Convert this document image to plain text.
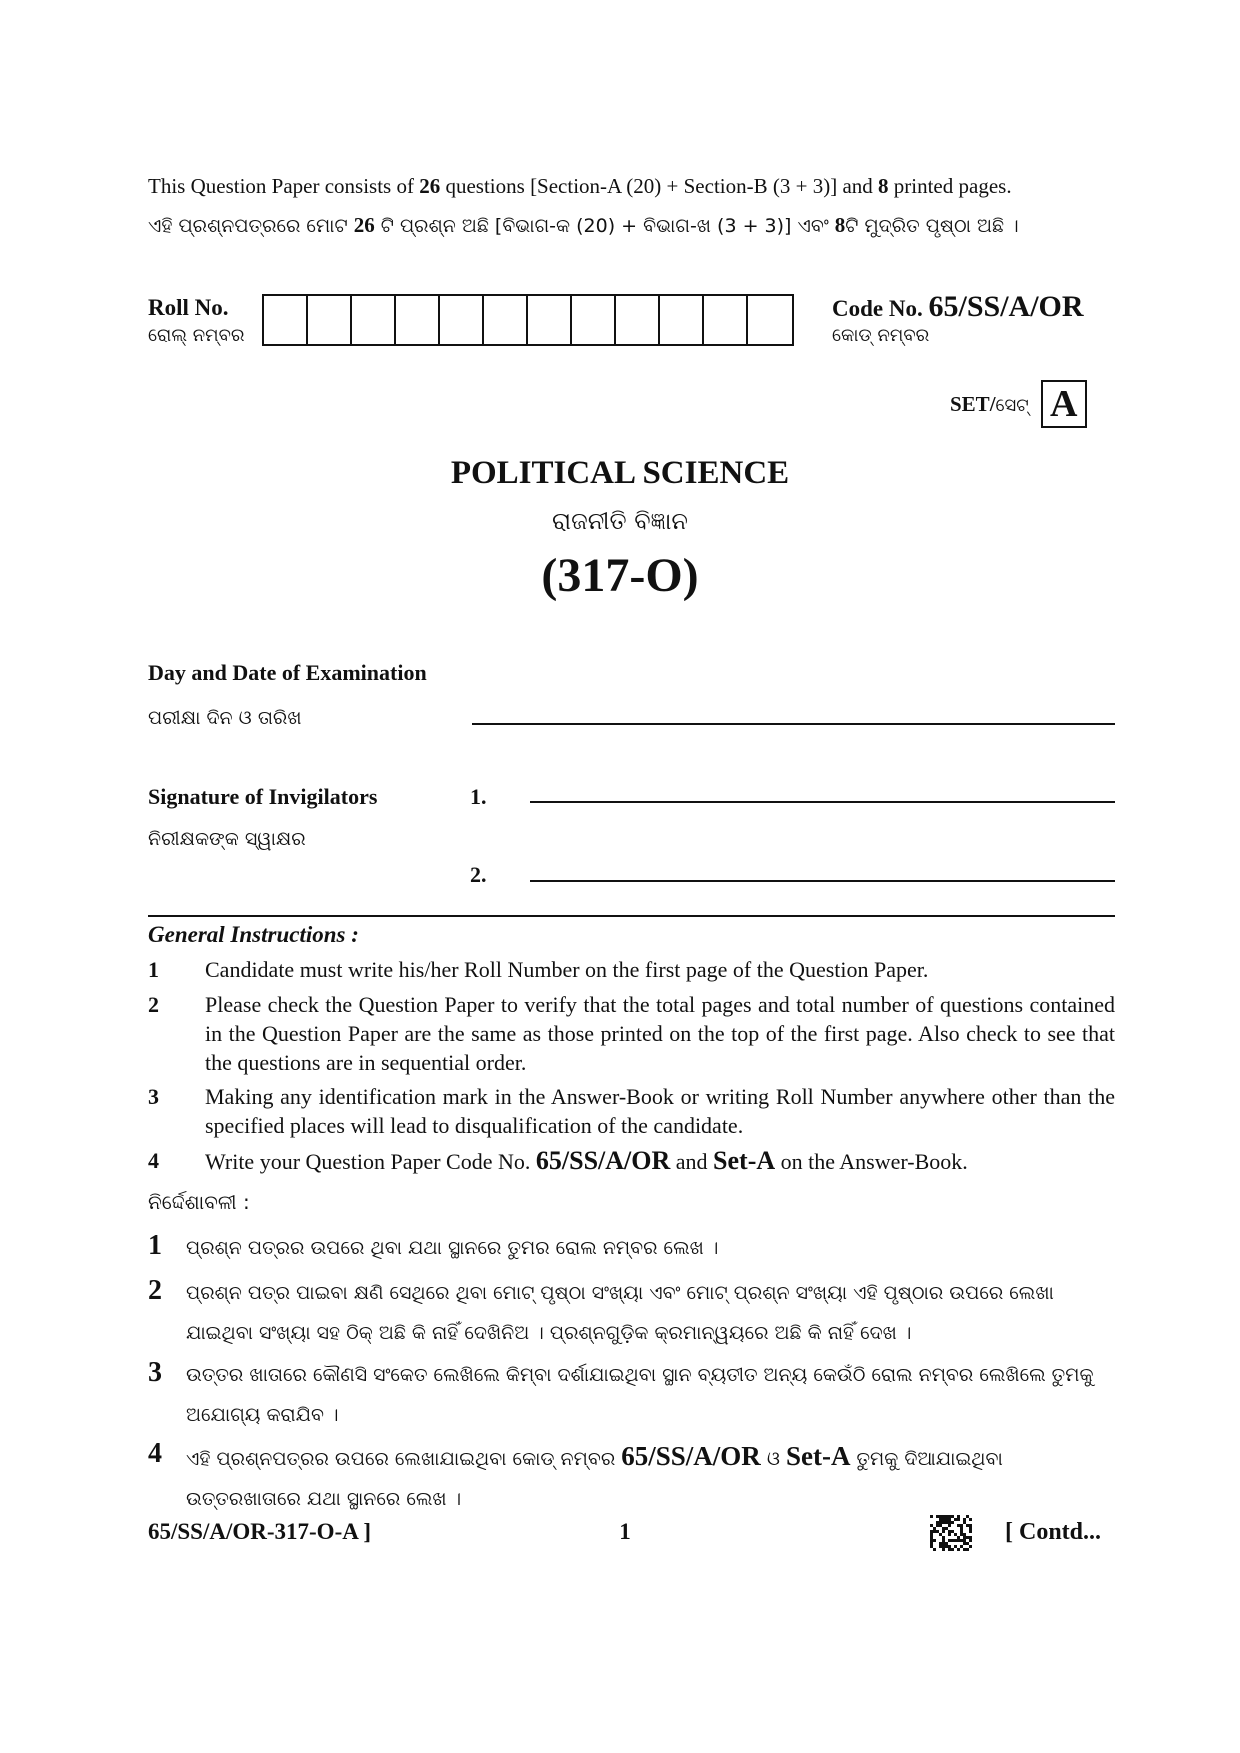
This Question Paper consists of 26 questions [Section-A (20) + Section-B (3 + 3)] and 8 printed pages.
ଏହି ପ୍ରଶ୍ନପତ୍ରରେ ମୋଟ 26 ଟି ପ୍ରଶ୍ନ ଅଛି [ବିଭାଗ-କ (20) + ବିଭାଗ-ଖ (3 + 3)] ଏବଂ 8ଟି ମୁଦ୍ରିତ ପୃଷ୍ଠା ଅଛି ।
Roll No.
ରୋଲ୍ ନମ୍ବର
Code No. 65/SS/A/OR
କୋଡ୍ ନମ୍ବର
SET/ସେଟ୍ A
POLITICAL SCIENCE
ରାଜନୀତି ବିଜ୍ଞାନ
(317-O)
Day and Date of Examination
ପରୀକ୍ଷା ଦିନ ଓ ତାରିଖ
Signature of Invigilators
ନିରୀକ୍ଷକଙ୍କ ସ୍ୱାକ୍ଷର
1.
2.
General Instructions :
1 Candidate must write his/her Roll Number on the first page of the Question Paper.
2 Please check the Question Paper to verify that the total pages and total number of questions contained in the Question Paper are the same as those printed on the top of the first page. Also check to see that the questions are in sequential order.
3 Making any identification mark in the Answer-Book or writing Roll Number anywhere other than the specified places will lead to disqualification of the candidate.
4 Write your Question Paper Code No. 65/SS/A/OR and Set-A on the Answer-Book.
ନିର୍ଦ୍ଦେଶାବଳୀ :
1 ପ୍ରଶ୍ନ ପତ୍ରର ଉପରେ ଥିବା ଯଥା ସ୍ଥାନରେ ତୁମର ରୋଲ ନମ୍ବର ଲେଖ ।
2 ପ୍ରଶ୍ନ ପତ୍ର ପାଇବା କ୍ଷଣି ସେଥିରେ ଥିବା ମୋଟ୍ ପୃଷ୍ଠା ସଂଖ୍ୟା ଏବଂ ମୋଟ୍ ପ୍ରଶ୍ନ ସଂଖ୍ୟା ଏହି ପୃଷ୍ଠାର ଉପରେ ଲେଖା ଯାଇଥିବା ସଂଖ୍ୟା ସହ ଠିକ୍ ଅଛି କି ନାହିଁ ଦେଖିନିଅ । ପ୍ରଶ୍ନଗୁଡ଼ିକ କ୍ରମାନ୍ୱୟରେ ଅଛି କି ନାହିଁ ଦେଖ ।
3 ଉତ୍ତର ଖାତାରେ କୌଣସି ସଂକେତ ଲେଖିଲେ କିମ୍ବା ଦର୍ଶାଯାଇଥିବା ସ୍ଥାନ ବ୍ୟତୀତ ଅନ୍ୟ କେଉଁଠି ରୋଲ ନମ୍ବର ଲେଖିଲେ ତୁମକୁ ଅଯୋଗ୍ୟ କରାଯିବ ।
4 ଏହି ପ୍ରଶ୍ନପତ୍ରର ଉପରେ ଲେଖାଯାଇଥିବା କୋଡ୍ ନମ୍ବର 65/SS/A/OR ଓ Set-A ତୁମକୁ ଦିଆଯାଇଥିବା ଉତ୍ତରଖାତାରେ ଯଥା ସ୍ଥାନରେ ଲେଖ ।
65/SS/A/OR-317-O-A ]	1	[ Contd...
